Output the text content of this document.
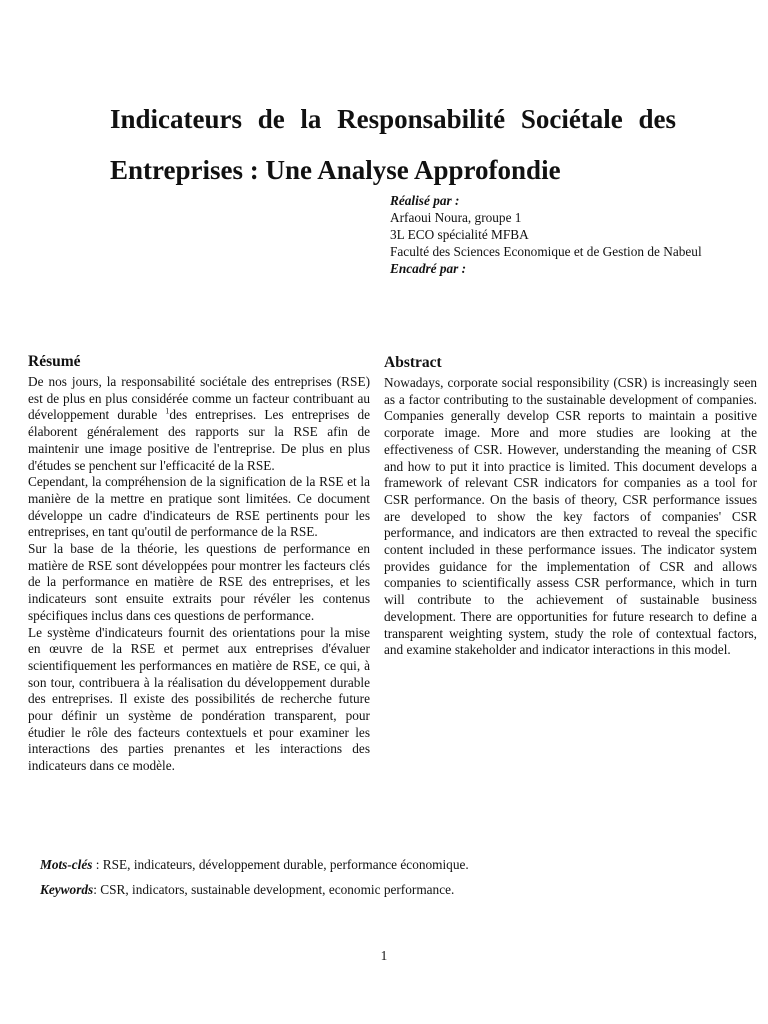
Indicateurs de la Responsabilité Sociétale des Entreprises : Une Analyse Approfondie
Réalisé par :
Arfaoui Noura, groupe 1
3L ECO spécialité MFBA
Faculté des Sciences Economique et de Gestion de Nabeul
Encadré par :
Résumé

De nos jours, la responsabilité sociétale des entreprises (RSE) est de plus en plus considérée comme un facteur contribuant au développement durable $^1$des entreprises. Les entreprises de élaborent généralement des rapports sur la RSE afin de maintenir une image positive de l'entreprise. De plus en plus d'études se penchent sur l'efficacité de la RSE.

Cependant, la compréhension de la signification de la RSE et la manière de la mettre en pratique sont limitées. Ce document développe un cadre d'indicateurs de RSE pertinents pour les entreprises, en tant qu'outil de performance de la RSE.

Sur la base de la théorie, les questions de performance en matière de RSE sont développées pour montrer les facteurs clés de la performance en matière de RSE des entreprises, et les indicateurs sont ensuite extraits pour révéler les contenus spécifiques inclus dans ces questions de performance.

Le système d'indicateurs fournit des orientations pour la mise en œuvre de la RSE et permet aux entreprises d'évaluer scientifiquement les performances en matière de RSE, ce qui, à son tour, contribuera à la réalisation du développement durable des entreprises. Il existe des possibilités de recherche future pour définir un système de pondération transparent, pour étudier le rôle des facteurs contextuels et pour examiner les interactions des parties prenantes et les interactions des indicateurs dans ce modèle.

Abstract

Nowadays, corporate social responsibility (CSR) is increasingly seen as a factor contributing to the sustainable development of companies. Companies generally develop CSR reports to maintain a positive corporate image. More and more studies are looking at the effectiveness of CSR. However, understanding the meaning of CSR and how to put it into practice is limited. This document develops a framework of relevant CSR indicators for companies as a tool for CSR performance. On the basis of theory, CSR performance issues are developed to show the key factors of companies' CSR performance, and indicators are then extracted to reveal the specific content included in these performance issues. The indicator system provides guidance for the implementation of CSR and allows companies to scientifically assess CSR performance, which in turn will contribute to the achievement of sustainable business development. There are opportunities for future research to define a transparent weighting system, study the role of contextual factors, and examine stakeholder and indicator interactions in this model.

Mots-clés : RSE, indicateurs, développement durable, performance économique.
Keywords: CSR, indicators, sustainable development, economic performance.
1
